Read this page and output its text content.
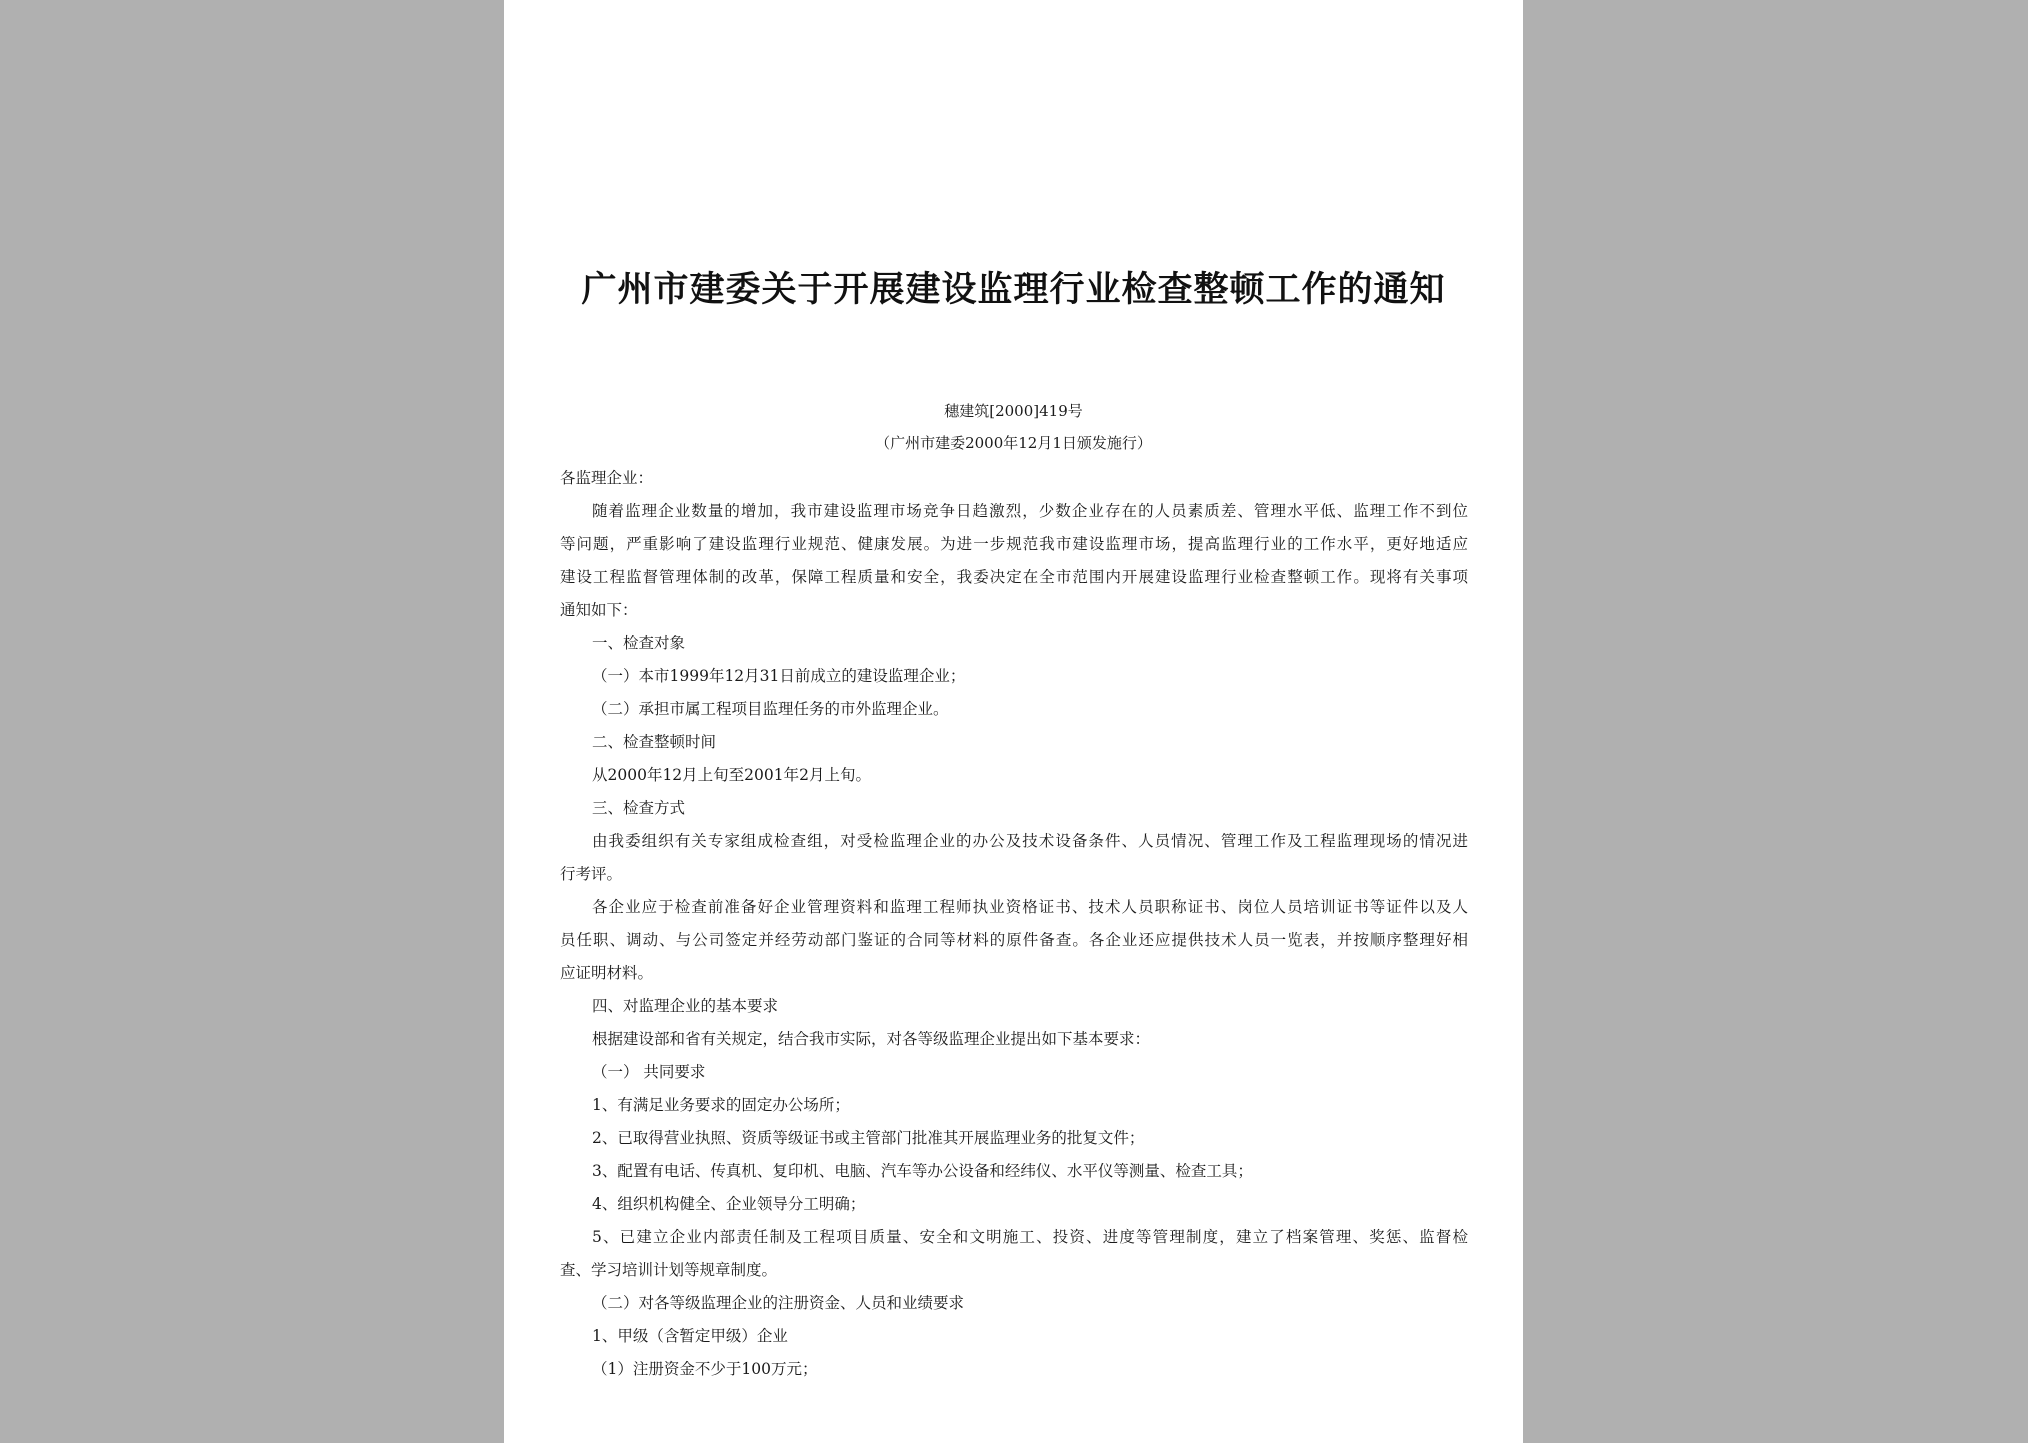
广州市建委关于开展建设监理行业检查整顿工作的通知
穗建筑[2000]419号
（广州市建委2000年12月1日颁发施行）
各监理企业：
随着监理企业数量的增加，我市建设监理市场竞争日趋激烈，少数企业存在的人员素质差、管理水平低、监理工作不到位
等问题，严重影响了建设监理行业规范、健康发展。为进一步规范我市建设监理市场，提高监理行业的工作水平，更好地适应
建设工程监督管理体制的改革，保障工程质量和安全，我委决定在全市范围内开展建设监理行业检查整顿工作。现将有关事项
通知如下：
一、检查对象
（一）本市1999年12月31日前成立的建设监理企业；
（二）承担市属工程项目监理任务的市外监理企业。
二、检查整顿时间
从2000年12月上旬至2001年2月上旬。
三、检查方式
由我委组织有关专家组成检查组，对受检监理企业的办公及技术设备条件、人员情况、管理工作及工程监理现场的情况进
行考评。
各企业应于检查前准备好企业管理资料和监理工程师执业资格证书、技术人员职称证书、岗位人员培训证书等证件以及人
员任职、调动、与公司签定并经劳动部门鉴证的合同等材料的原件备查。各企业还应提供技术人员一览表，并按顺序整理好相
应证明材料。
四、对监理企业的基本要求
根据建设部和省有关规定，结合我市实际，对各等级监理企业提出如下基本要求：
（一） 共同要求
1、有满足业务要求的固定办公场所；
2、已取得营业执照、资质等级证书或主管部门批准其开展监理业务的批复文件；
3、配置有电话、传真机、复印机、电脑、汽车等办公设备和经纬仪、水平仪等测量、检查工具；
4、组织机构健全、企业领导分工明确；
5、已建立企业内部责任制及工程项目质量、安全和文明施工、投资、进度等管理制度，建立了档案管理、奖惩、监督检
查、学习培训计划等规章制度。
（二）对各等级监理企业的注册资金、人员和业绩要求
1、甲级（含暂定甲级）企业
（1）注册资金不少于100万元；
